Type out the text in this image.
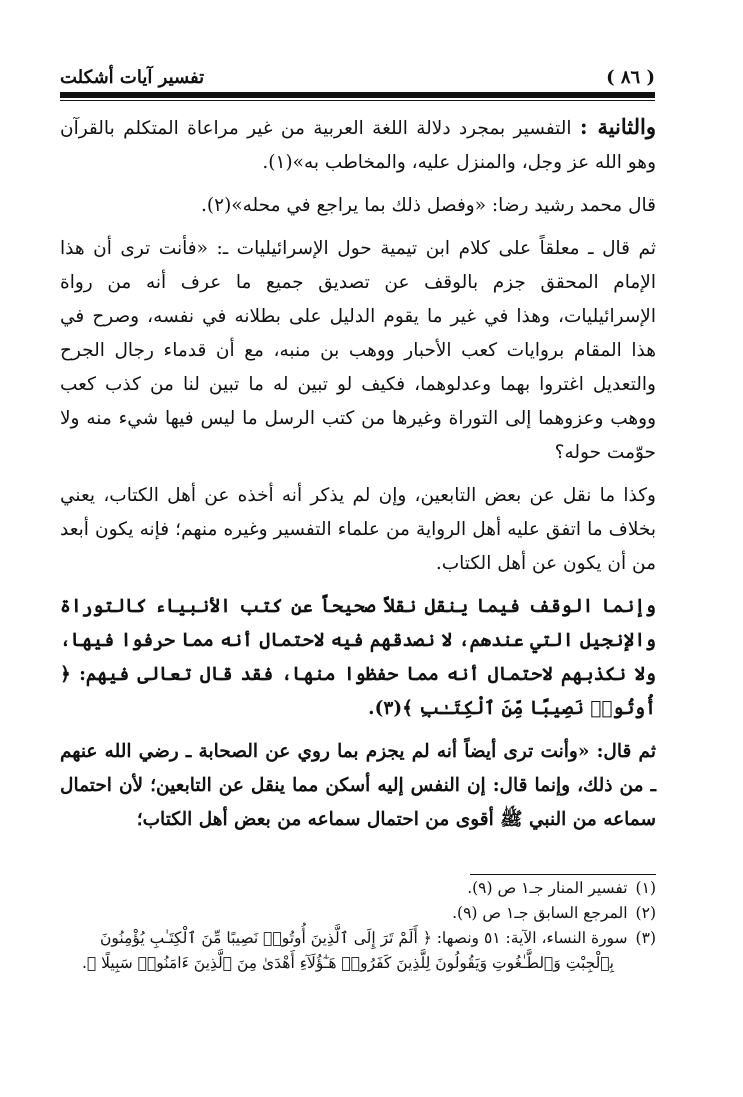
تفسير آيات أشكلت	( ٨٦ )

والثانية : التفسير بمجرد دلالة اللغة العربية من غير مراعاة المتكلم بالقرآن وهو الله عز وجل، والمنزل عليه، والمخاطب به»(١).

قال محمد رشيد رضا: «وفصل ذلك بما يراجع في محله»(٢).

ثم قال ـ معلقاً على كلام ابن تيمية حول الإسرائيليات ـ: «فأنت ترى أن هذا الإمام المحقق جزم بالوقف عن تصديق جميع ما عرف أنه من رواة الإسرائيليات، وهذا في غير ما يقوم الدليل على بطلانه في نفسه، وصرح في هذا المقام بروايات كعب الأحبار ووهب بن منبه، مع أن قدماء رجال الجرح والتعديل اغتروا بهما وعدلوهما، فكيف لو تبين له ما تبين لنا من كذب كعب ووهب وعزوهما إلى التوراة وغيرها من كتب الرسل ما ليس فيها شيء منه ولا حوّمت حوله؟

وكذا ما نقل عن بعض التابعين، وإن لم يذكر أنه أخذه عن أهل الكتاب، يعني بخلاف ما اتفق عليه أهل الرواية من علماء التفسير وغيره منهم؛ فإنه يكون أبعد من أن يكون عن أهل الكتاب.

وإنما الوقف فيما ينقل نقلاً صحيحاً عن كتب الأنبياء كالتوراة والإنجيل التي عندهم، لا نصدقهم فيه لاحتمال أنه مما حرفوا فيها، ولا نكذبهم لاحتمال أنه مما حفظوا منها، فقد قال تعالى فيهم: ﴿ أُوتُوا۟ نَصِيبًا مِّنَ ٱلْكِتَـٰبِ ﴾(٣).

ثم قال: «وأنت ترى أيضاً أنه لم يجزم بما روي عن الصحابة ـ رضي الله عنهم ـ من ذلك، وإنما قال: إن النفس إليه أسكن مما ينقل عن التابعين؛ لأن احتمال سماعه من النبي ﷺ أقوى من احتمال سماعه من بعض أهل الكتاب؛

(١)
تفسير المنار جـ١ ص (٩).

(٢)
المرجع السابق جـ١ ص (٩).

(٣)
سورة النساء، الآية: ٥١ ونصها: ﴿ أَلَمْ تَرَ إِلَى ٱلَّذِينَ أُوتُوا۟ نَصِيبًا مِّنَ ٱلْكِتَـٰبِ يُؤْمِنُونَ

بِٱلْجِبْتِ وَٱلطَّـٰغُوتِ وَيَقُولُونَ لِلَّذِينَ كَفَرُوا۟ هَـٰٓؤُلَآءِ أَهْدَىٰ مِنَ ٱلَّذِينَ ءَامَنُوا۟ سَبِيلًا ﴾.
